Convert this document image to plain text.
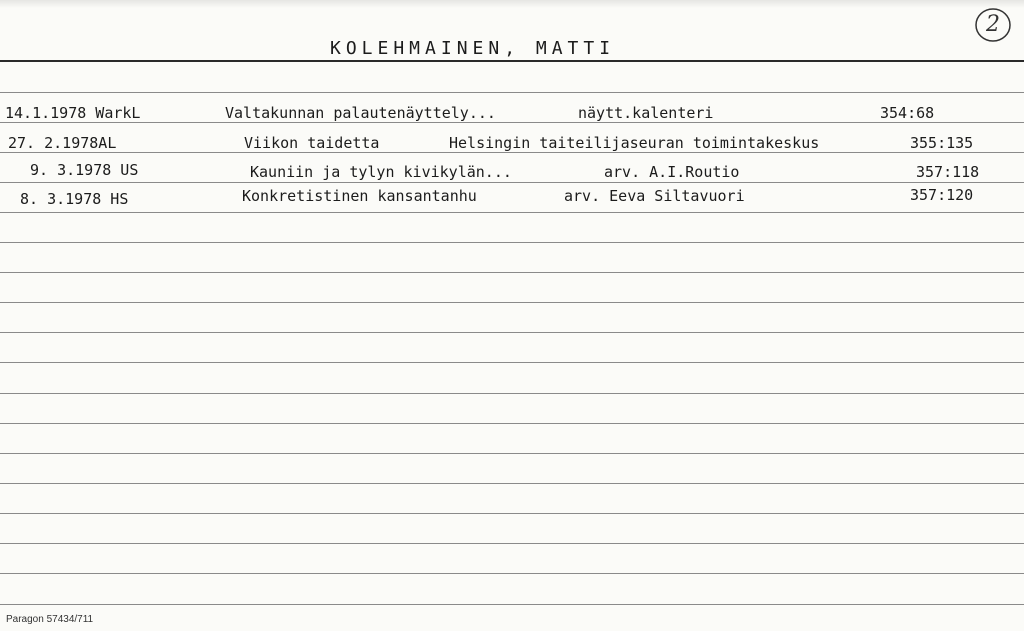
KOLEHMAINEN, MATTI
2
14.1.1978 WarkL	Valtakunnan palautenäyttely...	näytt.kalenteri	354:68
27. 2.1978AL	Viikon taidetta	Helsingin taiteilijaseuran toimintakeskus	355:135
9. 3.1978 US	Kauniin ja tylyn kivikylän...	arv. A.I.Routio	357:118
8. 3.1978 HS	Konkretistinen kansantanhu	arv. Eeva Siltavuori	357:120
Paragon 57434/711
